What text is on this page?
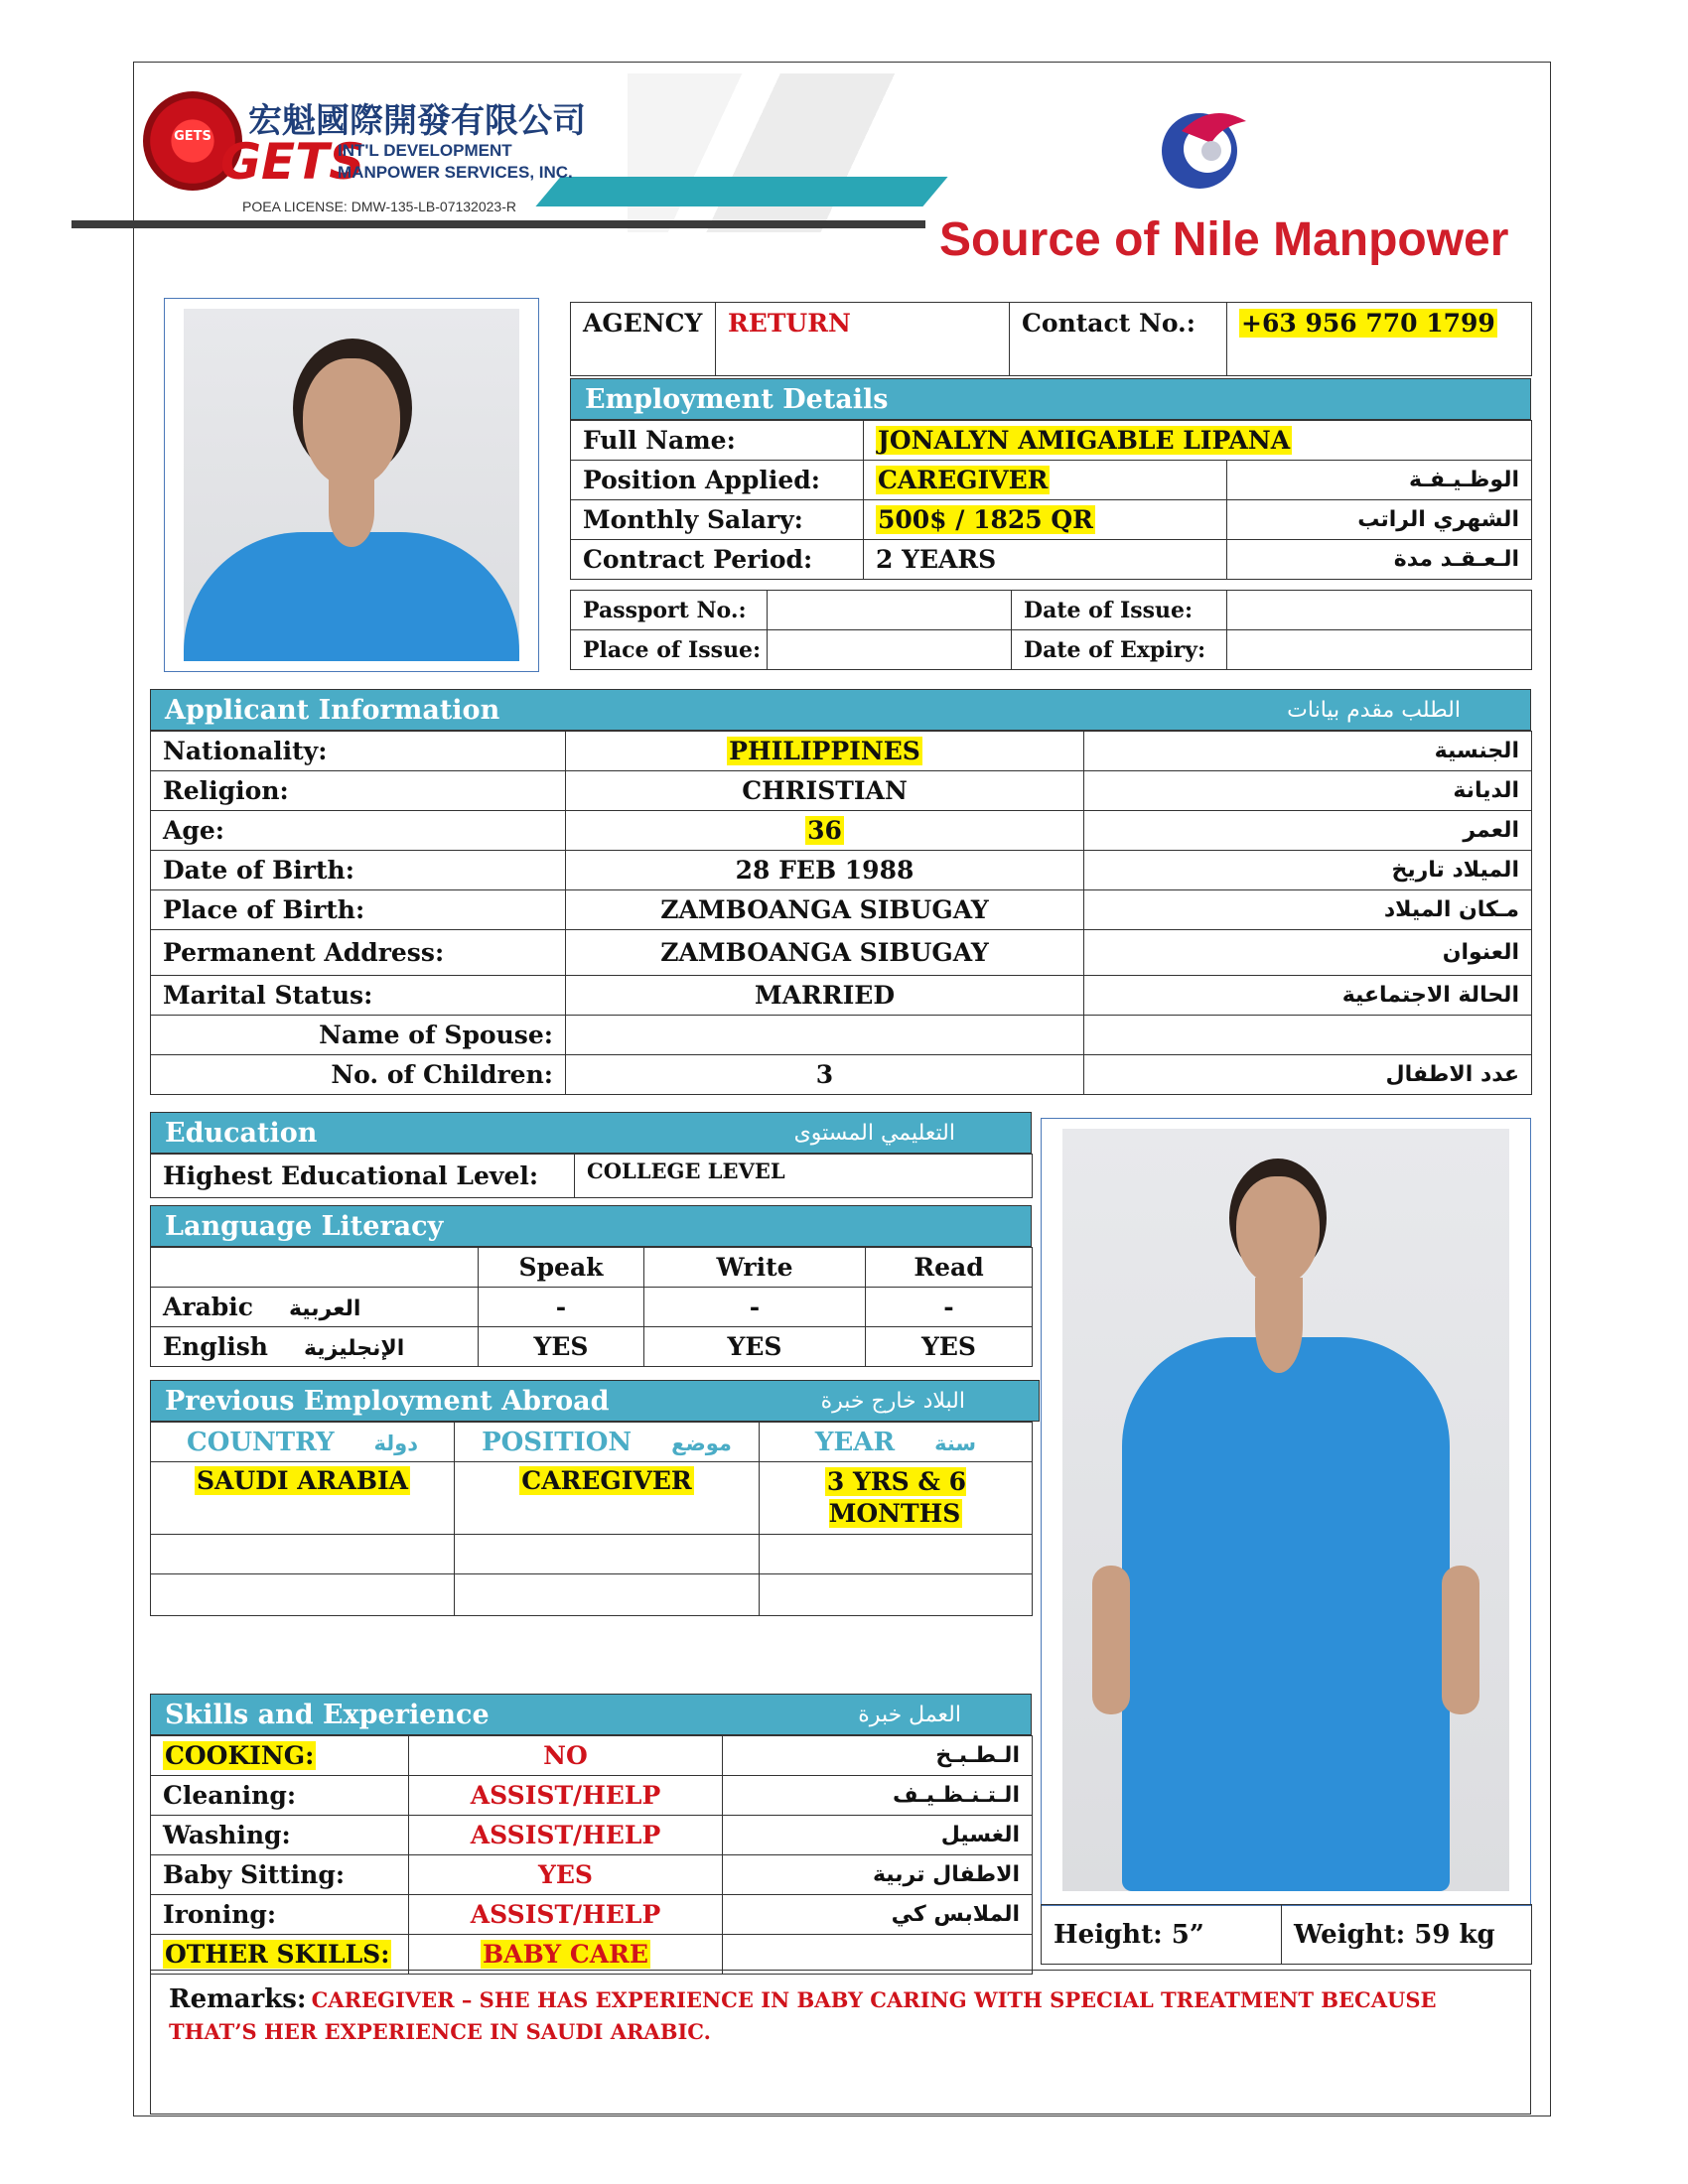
GETS	宏魁國際開發有限公司
GETS
INT'L DEVELOPMENT
MANPOWER SERVICES, INC.
POEA LICENSE: DMW-135-LB-07132023-R
Source of Nile Manpower
AGENCY	RETURN	Contact No.:	+63 956 770 1799
Employment Details
Full Name:	JONALYN AMIGABLE LIPANA	
Position Applied:	CAREGIVER	الوظـيـفـة
Monthly Salary:	500$ / 1825 QR	الشهري الراتب
Contract Period:	2 YEARS	الـعـقـد مدة
Passport No.:		Date of Issue:	
Place of Issue:		Date of Expiry:	
Applicant Information	الطلب مقدم بيانات
Nationality:	PHILIPPINES	الجنسية
Religion:	CHRISTIAN	الديانة
Age:	36	العمر
Date of Birth:	28 FEB 1988	الميلاد تاريخ
Place of Birth:	ZAMBOANGA SIBUGAY	مـكان الميلاد
Permanent Address:	ZAMBOANGA SIBUGAY	العنوان
Marital Status:	MARRIED	الحالة الاجتماعية
Name of Spouse:		
No. of Children:	3	عدد الاطفال
Education	التعليمي المستوى
Highest Educational Level:	COLLEGE LEVEL
Language Literacy
	Speak	Write	Read
Arabic العربية	-	-	-
English الإنجليزية	YES	YES	YES
Previous Employment Abroad	البلاد خارج خبرة
COUNTRY دولة	POSITION موضع	YEAR سنة
SAUDI ARABIA	CAREGIVER	3 YRS & 6 MONTHS

Height: 5”	Weight: 59 kg
Skills and Experience	العمل خبرة
COOKING:	NO	الـطـبـخ
Cleaning:	ASSIST/HELP	الـتـنـظـيـف
Washing:	ASSIST/HELP	الغسيل
Baby Sitting:	YES	الاطفال تربية
Ironing:	ASSIST/HELP	الملابس كي
OTHER SKILLS:	BABY CARE	
Remarks: CAREGIVER – SHE HAS EXPERIENCE IN BABY CARING WITH SPECIAL TREATMENT BECAUSE THAT’S HER EXPERIENCE IN SAUDI ARABIC.
